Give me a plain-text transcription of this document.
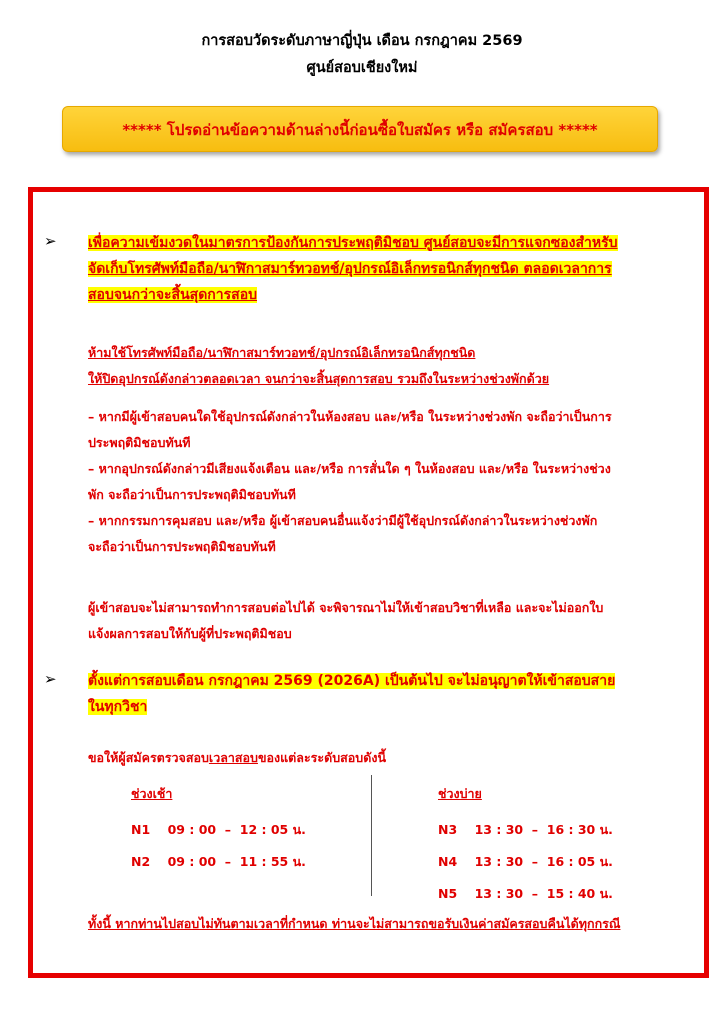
การสอบวัดระดับภาษาญี่ปุ่น เดือน กรกฎาคม 2569
ศูนย์สอบเชียงใหม่
***** โปรดอ่านข้อความด้านล่างนี้ก่อนซื้อใบสมัคร หรือ สมัครสอบ *****
➢ เพื่อความเข้มงวดในมาตรการป้องกันการประพฤติมิชอบ ศูนย์สอบจะมีการแจกซองสำหรับ
จัดเก็บโทรศัพท์มือถือ/นาฬิกาสมาร์ทวอทช์/อุปกรณ์อิเล็กทรอนิกส์ทุกชนิด ตลอดเวลาการ
สอบจนกว่าจะสิ้นสุดการสอบ
ห้ามใช้โทรศัพท์มือถือ/นาฬิกาสมาร์ทวอทช์/อุปกรณ์อิเล็กทรอนิกส์ทุกชนิด
ให้ปิดอุปกรณ์ดังกล่าวตลอดเวลา จนกว่าจะสิ้นสุดการสอบ รวมถึงในระหว่างช่วงพักด้วย
– หากมีผู้เข้าสอบคนใดใช้อุปกรณ์ดังกล่าวในห้องสอบ และ/หรือ ในระหว่างช่วงพัก จะถือว่าเป็นการ
ประพฤติมิชอบทันที
– หากอุปกรณ์ดังกล่าวมีเสียงแจ้งเตือน และ/หรือ การสั่นใด ๆ ในห้องสอบ และ/หรือ ในระหว่างช่วง
พัก จะถือว่าเป็นการประพฤติมิชอบทันที
– หากกรรมการคุมสอบ และ/หรือ ผู้เข้าสอบคนอื่นแจ้งว่ามีผู้ใช้อุปกรณ์ดังกล่าวในระหว่างช่วงพัก
จะถือว่าเป็นการประพฤติมิชอบทันที
ผู้เข้าสอบจะไม่สามารถทำการสอบต่อไปได้ จะพิจารณาไม่ให้เข้าสอบวิชาที่เหลือ และจะไม่ออกใบ
แจ้งผลการสอบให้กับผู้ที่ประพฤติมิชอบ
➢ ตั้งแต่การสอบเดือน กรกฎาคม 2569 (2026A) เป็นต้นไป จะไม่อนุญาตให้เข้าสอบสาย
ในทุกวิชา
ขอให้ผู้สมัครตรวจสอบเวลาสอบของแต่ละระดับสอบดังนี้
ช่วงเช้า
N1 09 : 00  –  12 : 05 น.
N2 09 : 00  –  11 : 55 น.
ช่วงบ่าย
N3 13 : 30  –  16 : 30 น.
N4 13 : 30  –  16 : 05 น.
N5 13 : 30  –  15 : 40 น.
ทั้งนี้ หากท่านไปสอบไม่ทันตามเวลาที่กำหนด ท่านจะไม่สามารถขอรับเงินค่าสมัครสอบคืนได้ทุกกรณี
